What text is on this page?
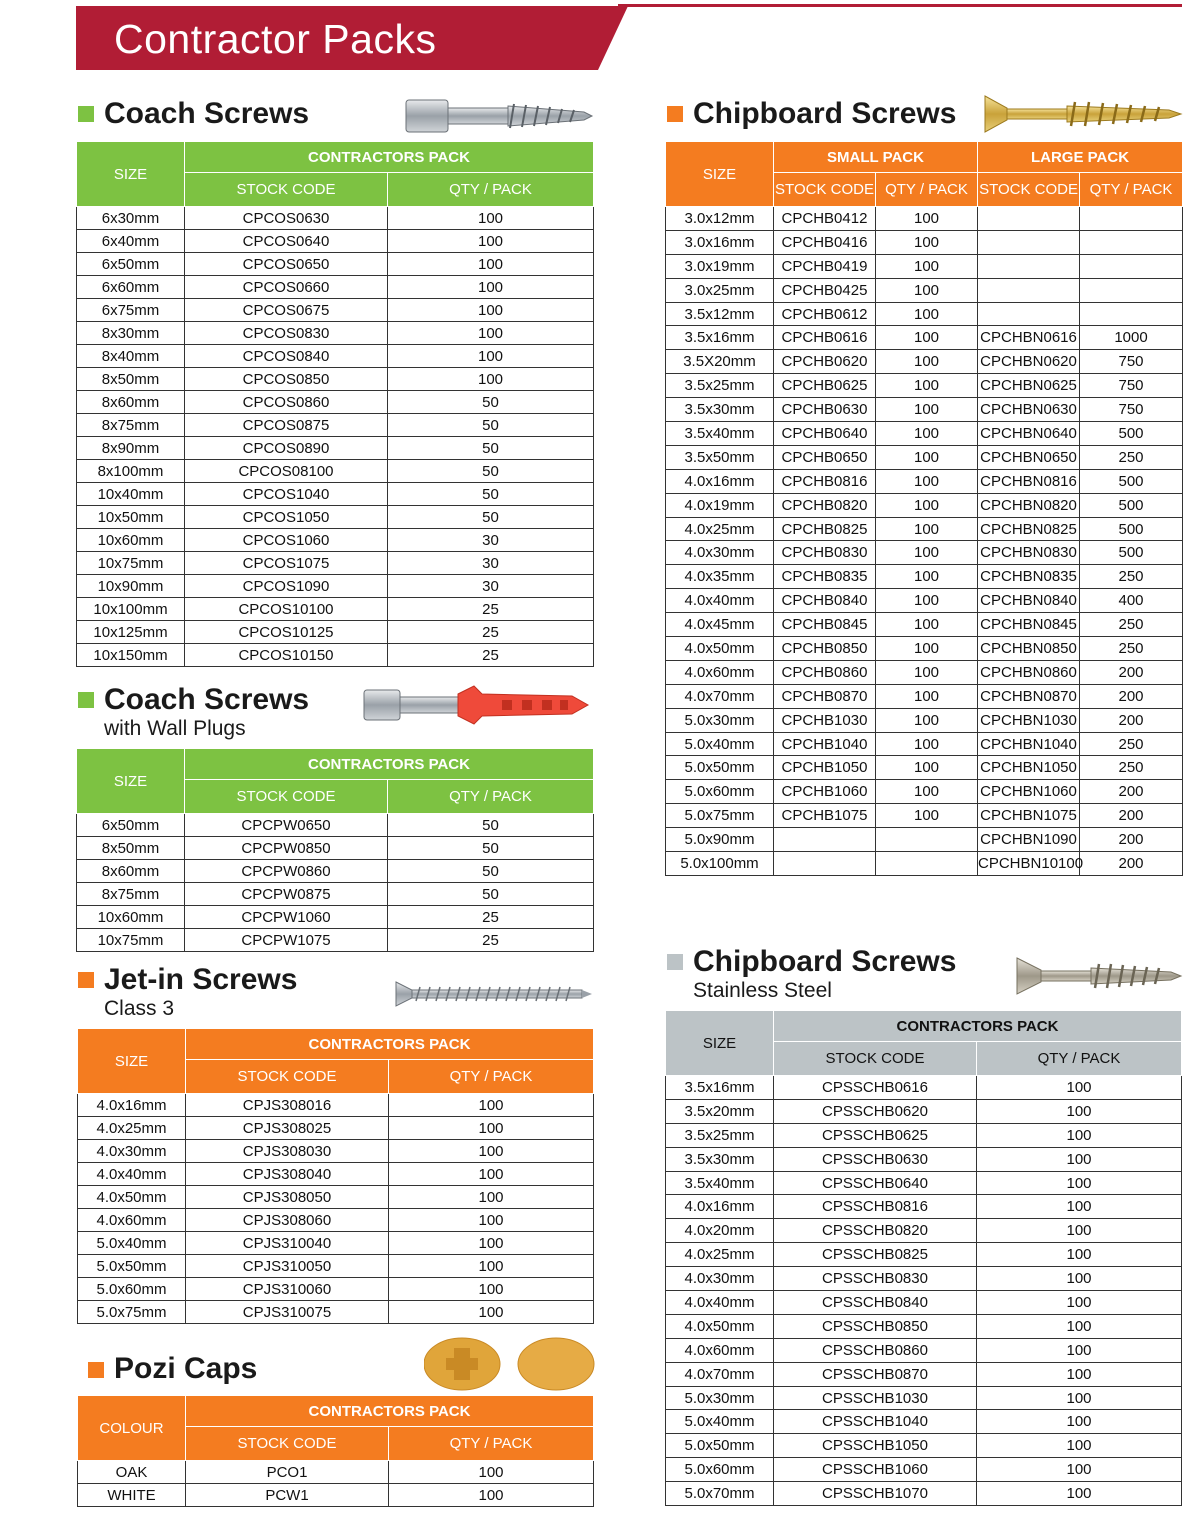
Contractor Packs
Coach Screws
SIZE	CONTRACTORS PACK	
	STOCK CODE	QTY / PACK
6x30mm	CPCOS0630	100
6x40mm	CPCOS0640	100
6x50mm	CPCOS0650	100
6x60mm	CPCOS0660	100
6x75mm	CPCOS0675	100
8x30mm	CPCOS0830	100
8x40mm	CPCOS0840	100
8x50mm	CPCOS0850	100
8x60mm	CPCOS0860	50
8x75mm	CPCOS0875	50
8x90mm	CPCOS0890	50
8x100mm	CPCOS08100	50
10x40mm	CPCOS1040	50
10x50mm	CPCOS1050	50
10x60mm	CPCOS1060	30
10x75mm	CPCOS1075	30
10x90mm	CPCOS1090	30
10x100mm	CPCOS10100	25
10x125mm	CPCOS10125	25
10x150mm	CPCOS10150	25
Coach Screws
with Wall Plugs
SIZE	CONTRACTORS PACK	
	STOCK CODE	QTY / PACK
6x50mm	CPCPW0650	50
8x50mm	CPCPW0850	50
8x60mm	CPCPW0860	50
8x75mm	CPCPW0875	50
10x60mm	CPCPW1060	25
10x75mm	CPCPW1075	25
Jet-in Screws
Class 3
SIZE	CONTRACTORS PACK	
	STOCK CODE	QTY / PACK
4.0x16mm	CPJS308016	100
4.0x25mm	CPJS308025	100
4.0x30mm	CPJS308030	100
4.0x40mm	CPJS308040	100
4.0x50mm	CPJS308050	100
4.0x60mm	CPJS308060	100
5.0x40mm	CPJS310040	100
5.0x50mm	CPJS310050	100
5.0x60mm	CPJS310060	100
5.0x75mm	CPJS310075	100
Pozi Caps
COLOUR	CONTRACTORS PACK	
	STOCK CODE	QTY / PACK
OAK	PCO1	100
WHITE	PCW1	100
Chipboard Screws
SIZE	SMALL PACK		LARGE PACK	
	STOCK CODE	QTY / PACK	STOCK CODE	QTY / PACK
3.0x12mm	CPCHB0412	100		
3.0x16mm	CPCHB0416	100		
3.0x19mm	CPCHB0419	100		
3.0x25mm	CPCHB0425	100		
3.5x12mm	CPCHB0612	100		
3.5x16mm	CPCHB0616	100	CPCHBN0616	1000
3.5X20mm	CPCHB0620	100	CPCHBN0620	750
3.5x25mm	CPCHB0625	100	CPCHBN0625	750
3.5x30mm	CPCHB0630	100	CPCHBN0630	750
3.5x40mm	CPCHB0640	100	CPCHBN0640	500
3.5x50mm	CPCHB0650	100	CPCHBN0650	250
4.0x16mm	CPCHB0816	100	CPCHBN0816	500
4.0x19mm	CPCHB0820	100	CPCHBN0820	500
4.0x25mm	CPCHB0825	100	CPCHBN0825	500
4.0x30mm	CPCHB0830	100	CPCHBN0830	500
4.0x35mm	CPCHB0835	100	CPCHBN0835	250
4.0x40mm	CPCHB0840	100	CPCHBN0840	400
4.0x45mm	CPCHB0845	100	CPCHBN0845	250
4.0x50mm	CPCHB0850	100	CPCHBN0850	250
4.0x60mm	CPCHB0860	100	CPCHBN0860	200
4.0x70mm	CPCHB0870	100	CPCHBN0870	200
5.0x30mm	CPCHB1030	100	CPCHBN1030	200
5.0x40mm	CPCHB1040	100	CPCHBN1040	250
5.0x50mm	CPCHB1050	100	CPCHBN1050	250
5.0x60mm	CPCHB1060	100	CPCHBN1060	200
5.0x75mm	CPCHB1075	100	CPCHBN1075	200
5.0x90mm			CPCHBN1090	200
5.0x100mm			CPCHBN10100	200
Chipboard Screws
Stainless Steel
SIZE	CONTRACTORS PACK	
	STOCK CODE	QTY / PACK
3.5x16mm	CPSSCHB0616	100
3.5x20mm	CPSSCHB0620	100
3.5x25mm	CPSSCHB0625	100
3.5x30mm	CPSSCHB0630	100
3.5x40mm	CPSSCHB0640	100
4.0x16mm	CPSSCHB0816	100
4.0x20mm	CPSSCHB0820	100
4.0x25mm	CPSSCHB0825	100
4.0x30mm	CPSSCHB0830	100
4.0x40mm	CPSSCHB0840	100
4.0x50mm	CPSSCHB0850	100
4.0x60mm	CPSSCHB0860	100
4.0x70mm	CPSSCHB0870	100
5.0x30mm	CPSSCHB1030	100
5.0x40mm	CPSSCHB1040	100
5.0x50mm	CPSSCHB1050	100
5.0x60mm	CPSSCHB1060	100
5.0x70mm	CPSSCHB1070	100
